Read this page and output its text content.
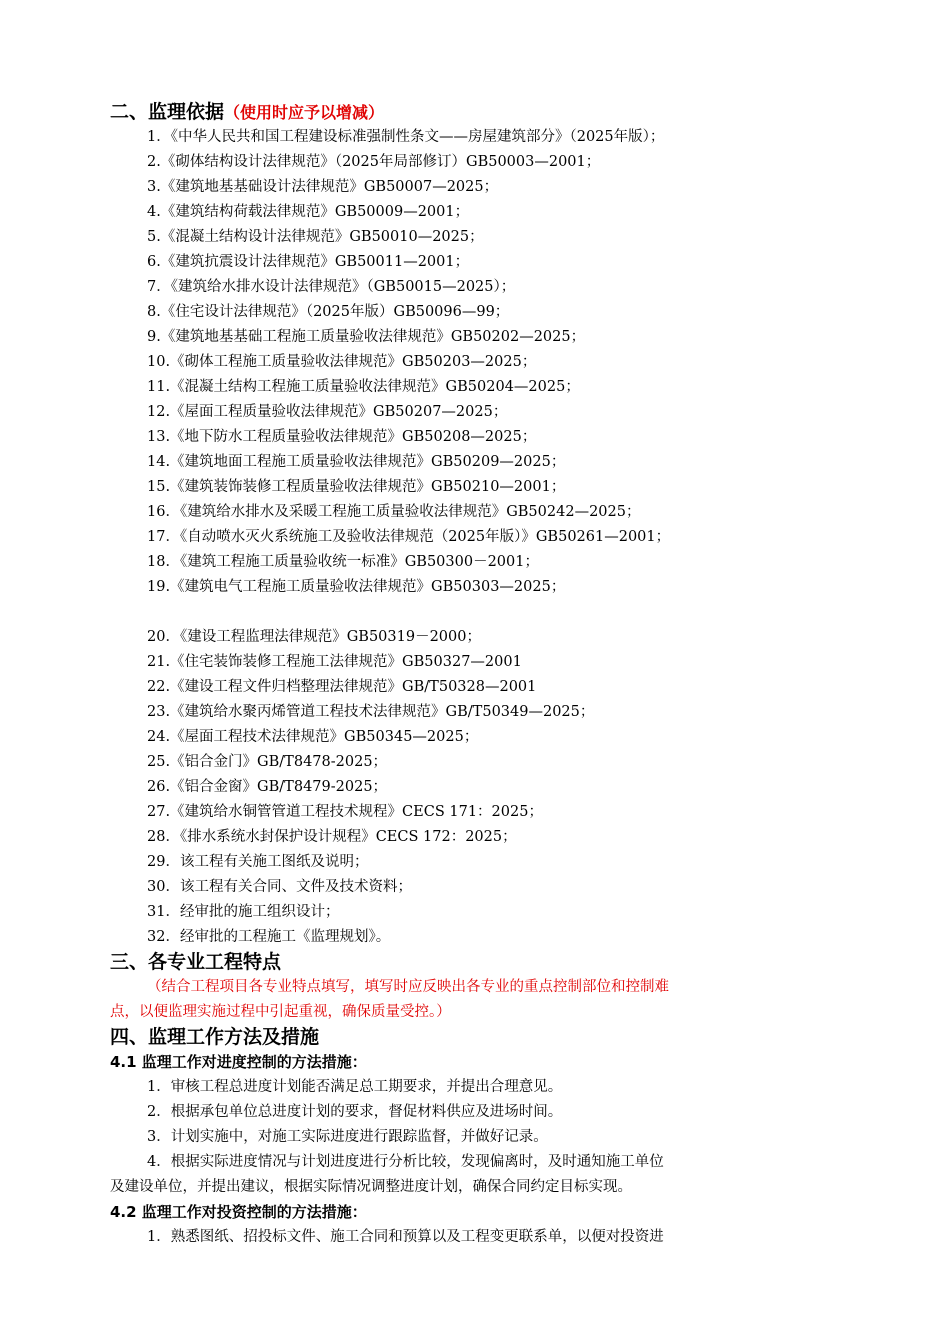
二、监理依据（使用时应予以增减）
1．《中华人民共和国工程建设标准强制性条文——房屋建筑部分》（2025年版）；
2.《砌体结构设计法律规范》（2025年局部修订）GB50003—2001；
3.《建筑地基基础设计法律规范》GB50007—2025；
4.《建筑结构荷载法律规范》GB50009—2001；
5.《混凝土结构设计法律规范》GB50010—2025；
6.《建筑抗震设计法律规范》GB50011—2001；
7．《建筑给水排水设计法律规范》（GB50015—2025）；
8.《住宅设计法律规范》（2025年版）GB50096—99；
9.《建筑地基基础工程施工质量验收法律规范》GB50202—2025；
10.《砌体工程施工质量验收法律规范》GB50203—2025；
11.《混凝土结构工程施工质量验收法律规范》GB50204—2025；
12.《屋面工程质量验收法律规范》GB50207—2025；
13.《地下防水工程质量验收法律规范》GB50208—2025；
14.《建筑地面工程施工质量验收法律规范》GB50209—2025；
15.《建筑装饰装修工程质量验收法律规范》GB50210—2001；
16．《建筑给水排水及采暖工程施工质量验收法律规范》GB50242—2025；
17．《自动喷水灭火系统施工及验收法律规范（2025年版）》GB50261—2001；
18．《建筑工程施工质量验收统一标准》GB50300－2001；
19.《建筑电气工程施工质量验收法律规范》GB50303—2025；
20．《建设工程监理法律规范》GB50319－2000；
21.《住宅装饰装修工程施工法律规范》GB50327—2001
22.《建设工程文件归档整理法律规范》GB/T50328—2001
23.《建筑给水聚丙烯管道工程技术法律规范》GB/T50349—2025；
24.《屋面工程技术法律规范》GB50345—2025；
25.《铝合金门》GB/T8478-2025；
26.《铝合金窗》GB/T8479-2025；
27.《建筑给水铜管管道工程技术规程》CECS 171：2025；
28．《排水系统水封保护设计规程》CECS 172：2025；
29．该工程有关施工图纸及说明；
30．该工程有关合同、文件及技术资料；
31．经审批的施工组织设计；
32．经审批的工程施工《监理规划》。
三、各专业工程特点
（结合工程项目各专业特点填写，填写时应反映出各专业的重点控制部位和控制难
点，以便监理实施过程中引起重视，确保质量受控。）
四、监理工作方法及措施
4.1 监理工作对进度控制的方法措施：
1．审核工程总进度计划能否满足总工期要求，并提出合理意见。
2．根据承包单位总进度计划的要求，督促材料供应及进场时间。
3．计划实施中，对施工实际进度进行跟踪监督，并做好记录。
4．根据实际进度情况与计划进度进行分析比较，发现偏离时，及时通知施工单位
及建设单位，并提出建议，根据实际情况调整进度计划，确保合同约定目标实现。
4.2 监理工作对投资控制的方法措施：
1．熟悉图纸、招投标文件、施工合同和预算以及工程变更联系单，以便对投资进
